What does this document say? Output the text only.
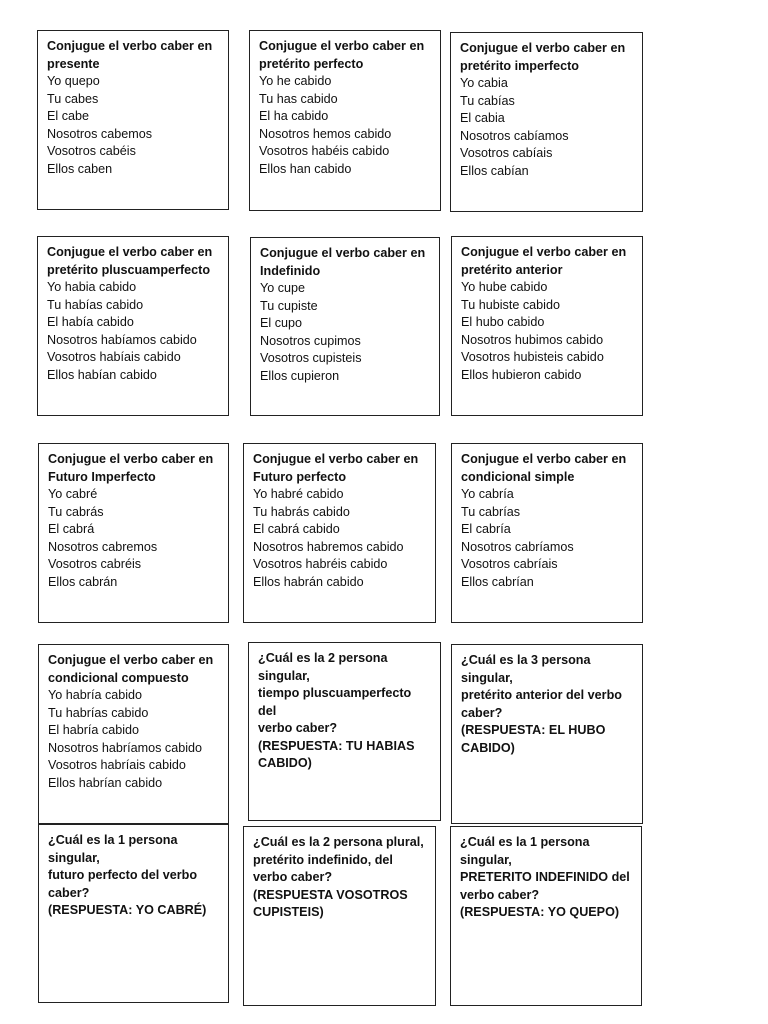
Conjugue el verbo caber en
presente
Yo quepo
Tu cabes
El cabe
Nosotros cabemos
Vosotros cabéis
Ellos caben
Conjugue el verbo caber en
pretérito perfecto
Yo he cabido
Tu has cabido
El ha cabido
Nosotros hemos cabido
Vosotros habéis cabido
Ellos han cabido
Conjugue el verbo caber en
pretérito imperfecto
Yo cabia
Tu cabías
El cabia
Nosotros cabíamos
Vosotros cabíais
Ellos cabían
Conjugue el verbo caber en
pretérito pluscuamperfecto
Yo habia cabido
Tu habías cabido
El había cabido
Nosotros habíamos cabido
Vosotros habíais cabido
Ellos habían cabido
Conjugue el verbo caber en
Indefinido
Yo cupe
Tu cupiste
El cupo
Nosotros cupimos
Vosotros cupisteis
Ellos cupieron
Conjugue el verbo caber en
pretérito anterior
Yo hube cabido
Tu hubiste cabido
El hubo cabido
Nosotros hubimos cabido
Vosotros hubisteis cabido
Ellos hubieron cabido
Conjugue el verbo caber en
Futuro Imperfecto
Yo cabré
Tu cabrás
El cabrá
Nosotros cabremos
Vosotros cabréis
Ellos cabrán
Conjugue el verbo caber en
Futuro perfecto
Yo habré cabido
Tu habrás cabido
El cabrá cabido
Nosotros habremos cabido
Vosotros habréis cabido
Ellos habrán cabido
Conjugue el verbo caber en
condicional simple
Yo cabría
Tu cabrías
El cabría
Nosotros cabríamos
Vosotros cabríais
Ellos cabrían
Conjugue el verbo caber en
condicional compuesto
Yo habría cabido
Tu habrías cabido
El habría cabido
Nosotros habríamos cabido
Vosotros habríais cabido
Ellos habrían cabido
¿Cuál es la 2 persona singular,
tiempo pluscuamperfecto del
verbo caber?
(RESPUESTA: TU HABIAS
CABIDO)
¿Cuál es la 3 persona singular,
pretérito anterior del verbo
caber?
(RESPUESTA: EL HUBO
CABIDO)
¿Cuál es la 1 persona singular,
futuro perfecto del verbo
caber?
(RESPUESTA: YO CABRÉ)
¿Cuál es la 2 persona plural,
pretérito indefinido, del
verbo caber?
(RESPUESTA VOSOTROS
CUPISTEIS)
¿Cuál es la 1 persona singular,
PRETERITO INDEFINIDO del
verbo caber?
(RESPUESTA: YO QUEPO)
